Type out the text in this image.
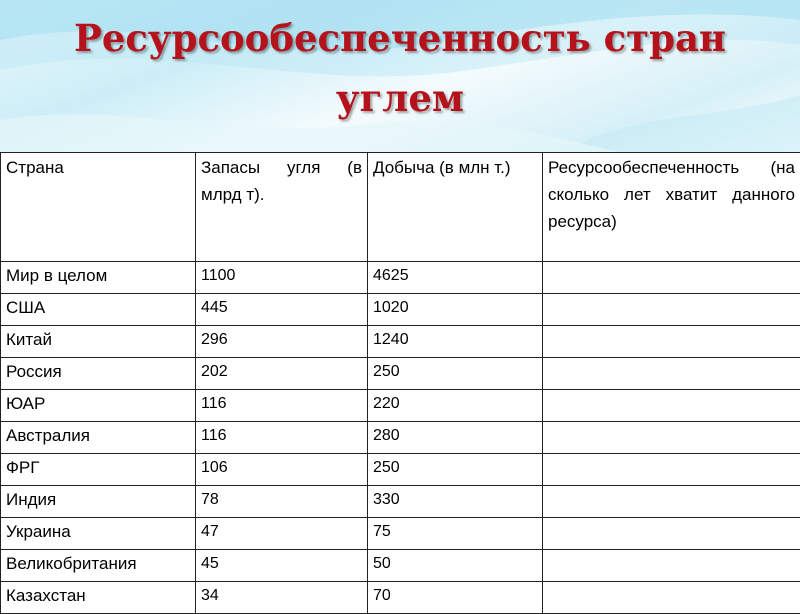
Ресурсообеспеченность стран
углем
Страна	Запасы угля (в млрд т).	Добыча (в млн т.)	Ресурсообеспеченность (на сколько лет хватит данного ресурса)
Мир в целом	1100	4625	
США	445	1020	
Китай	296	1240	
Россия	202	250	
ЮАР	116	220	
Австралия	116	280	
ФРГ	106	250	
Индия	78	330	
Украина	47	75	
Великобритания	45	50	
Казахстан	34	70	
